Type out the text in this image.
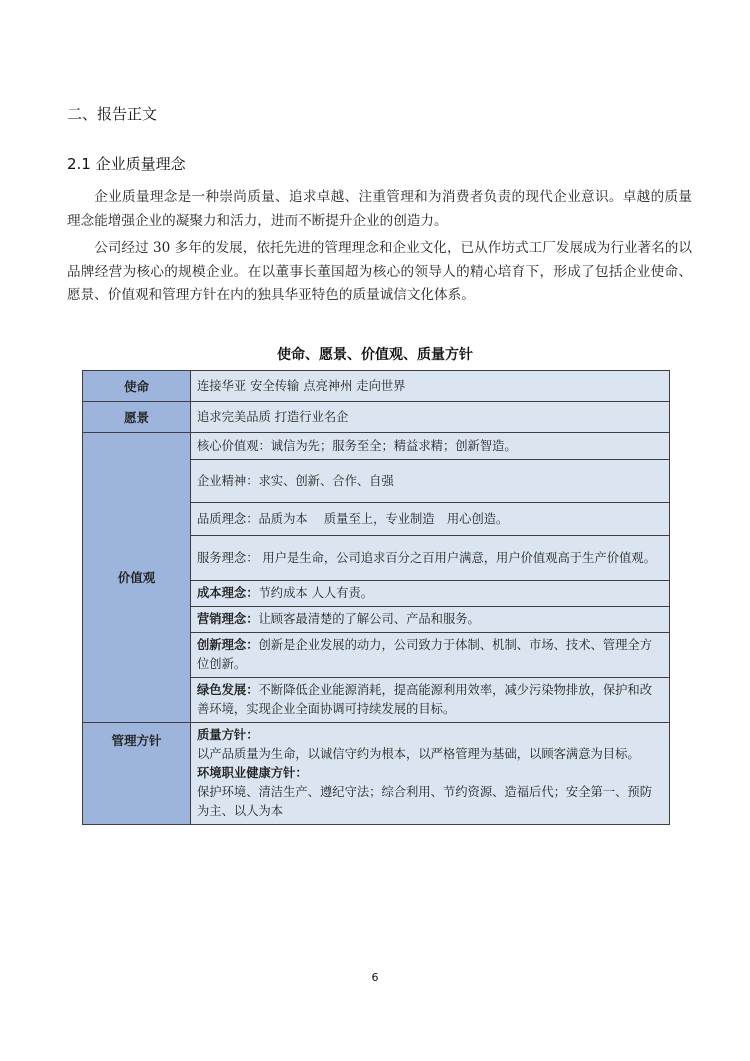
二、报告正文
2.1 企业质量理念
企业质量理念是一种崇尚质量、追求卓越、注重管理和为消费者负责的现代企业意识。卓越的质量理念能增强企业的凝聚力和活力，进而不断提升企业的创造力。
公司经过 30 多年的发展，依托先进的管理理念和企业文化，已从作坊式工厂发展成为行业著名的以品牌经营为核心的规模企业。在以董事长董国超为核心的领导人的精心培育下，形成了包括企业使命、愿景、价值观和管理方针在内的独具华亚特色的质量诚信文化体系。
使命、愿景、价值观、质量方针
使命	连接华亚 安全传输 点亮神州 走向世界
愿景	追求完美品质 打造行业名企
价值观	核心价值观：诚信为先；服务至全；精益求精；创新智造。
	企业精神：求实、创新、合作、自强
	品质理念：品质为本　 质量至上，专业制造　用心创造。
	服务理念： 用户是生命，公司追求百分之百用户满意，用户价值观高于生产价值观。
	成本理念：节约成本 人人有责。
	营销理念：让顾客最清楚的了解公司、产品和服务。
	创新理念：创新是企业发展的动力，公司致力于体制、机制、市场、技术、管理全方位创新。
	绿色发展：不断降低企业能源消耗，提高能源利用效率，减少污染物排放，保护和改善环境，实现企业全面协调可持续发展的目标。
管理方针	质量方针：
以产品质量为生命，以诚信守约为根本，以严格管理为基础，以顾客满意为目标。
环境职业健康方针：
保护环境、清洁生产、遵纪守法；综合利用、节约资源、造福后代；安全第一、预防为主、以人为本
6
